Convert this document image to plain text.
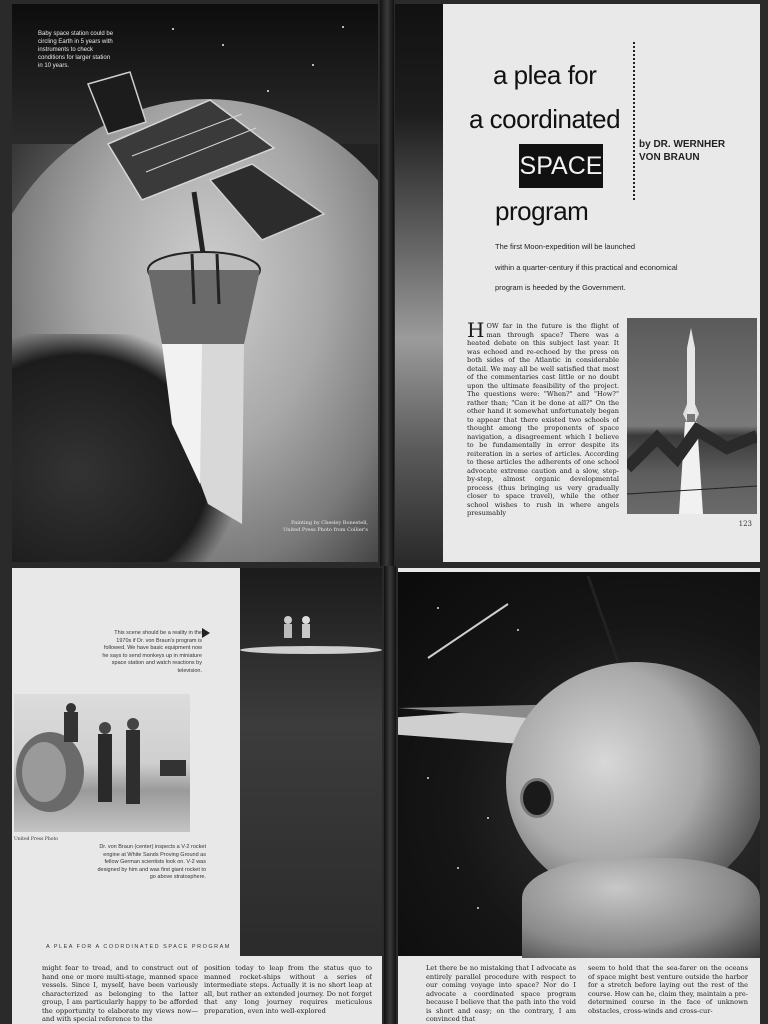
Baby space station could be circling Earth in 5 years with instruments to check conditions for larger station in 10 years.
Painting by Chesley Bonestell,
United Press Photo from Collier's
a plea for
a coordinated
SPACE
program
by DR. WERNHER
VON BRAUN
The first Moon-expedition will be launched
within a quarter-century if this practical and economical
program is heeded by the Government.
HOW far in the future is the flight of man through space? There was a heated debate on this subject last year. It was echoed and re-echoed by the press on both sides of the Atlantic in considerable detail. We may all be well satisfied that most of the commentaries cast little or no doubt upon the ultimate feasibility of the project. The questions were: "When?" and "How?" rather than; "Can it be done at all?" On the other hand it somewhat unfortunately began to appear that there existed two schools of thought among the proponents of space navigation, a disagreement which I believe to be fundamentally in error despite its reiteration in a series of articles. According to these articles the adherents of one school advocate extreme caution and a slow, step-by-step, almost organic developmental process (thus bringing us very gradually closer to space travel), while the other school wishes to rush in where angels presumably
123
This scene should be a reality in the 1970s if Dr. von Braun's program is followed. We have basic equipment now he says to send monkeys up in miniature space station and watch reactions by television.
United Press Photo
Dr. von Braun (center) inspects a V-2 rocket engine at White Sands Proving Ground as fellow German scientists look on. V-2 was designed by him and was first giant rocket to go above stratosphere.
A PLEA FOR A COORDINATED SPACE PROGRAM
might fear to tread, and to construct out of hand one or more multi-stage, manned space vessels. Since I, myself, have been variously characterized as belonging to the latter group, I am particularly happy to be afforded the opportunity to elaborate my views now—and with special reference to the
position today to leap from the status quo to manned rocket-ships without a series of intermediate steps. Actually it is no short leap at all, but rather an extended journey. Do not forget that any long journey requires meticulous preparation, even into well-explored
Let there be no mistaking that I advocate as entirely parallel procedure with respect to our coming voyage into space? Nor do I advocate a coordinated space program because I believe that the path into the void is short and easy; on the contrary, I am convinced that
seem to hold that the sea-farer on the oceans of space might best venture outside the harbor for a stretch before laying out the rest of the course. How can he, claim they, maintain a pre-determined course in the face of unknown obstacles, cross-winds and cross-cur-
